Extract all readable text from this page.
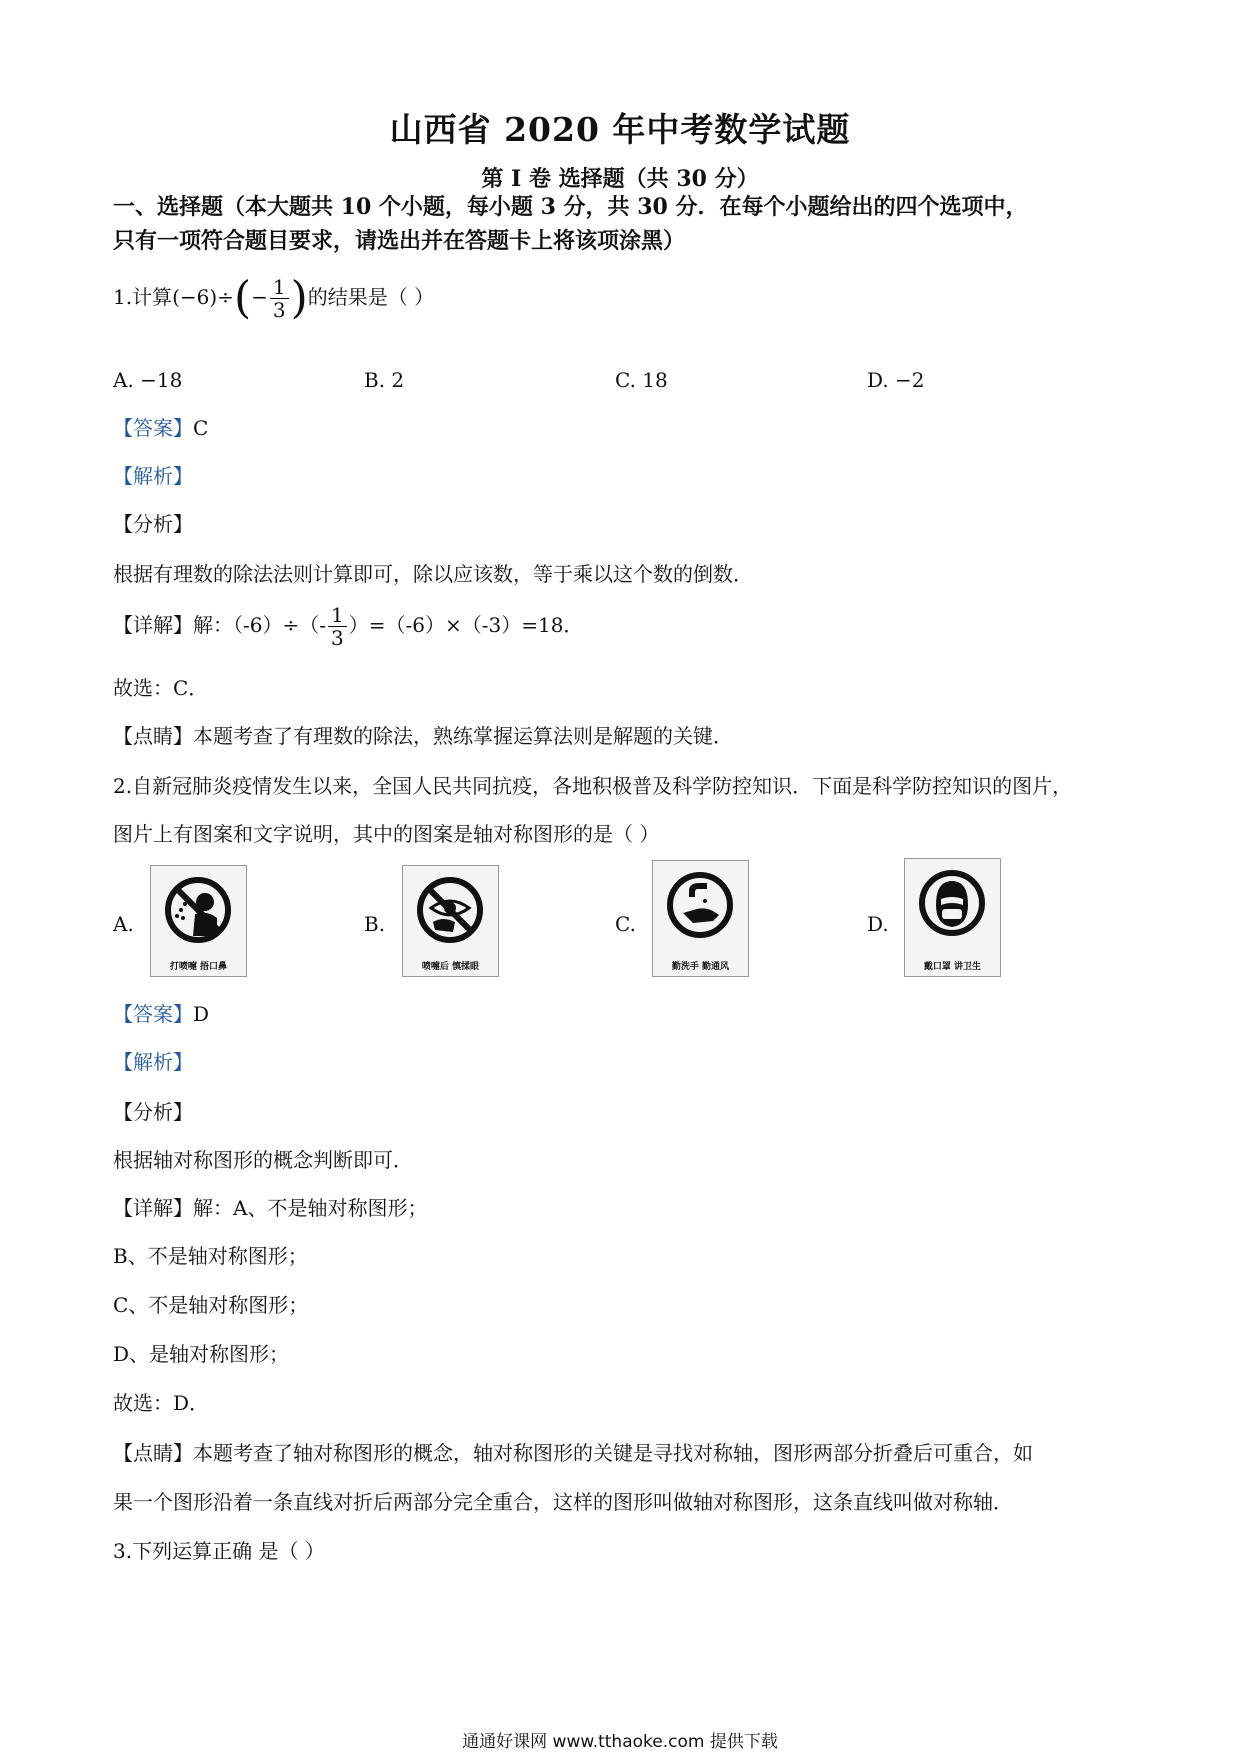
山西省 2020 年中考数学试题
第 I 卷 选择题（共 30 分）
一、选择题（本大题共 10 个小题，每小题 3 分，共 30 分．在每个小题给出的四个选项中，
只有一项符合题目要求，请选出并在答题卡上将该项涂黑）
1.计算$(-6)\div(- \frac{1}{3}$ )的结果是（ ）
A. −18	B. 2	C. 18	D. −2
【答案】C
【解析】
【分析】
根据有理数的除法法则计算即可，除以应该数，等于乘以这个数的倒数．
【详解】解：$(-6)\div(- \frac{1}{3} )=(-6)\times(-3)=18$．
故选：C．
【点睛】本题考查了有理数的除法，熟练掌握运算法则是解题的关键．
2.自新冠肺炎疫情发生以来，全国人民共同抗疫，各地积极普及科学防控知识．下面是科学防控知识的图片，
图片上有图案和文字说明，其中的图案是轴对称图形的是（ ）
A.
打喷嚏 捂口鼻
B.
喷嚏后 慎揉眼
C.
勤洗手 勤通风
D.
戴口罩 讲卫生
【答案】D
【解析】
【分析】
根据轴对称图形的概念判断即可．
【详解】解：A、不是轴对称图形；
B、不是轴对称图形；
C、不是轴对称图形；
D、是轴对称图形；
故选：D．
【点睛】本题考查了轴对称图形的概念，轴对称图形的关键是寻找对称轴，图形两部分折叠后可重合，如
果一个图形沿着一条直线对折后两部分完全重合，这样的图形叫做轴对称图形，这条直线叫做对称轴．
3.下列运算正确 是（ ）
通通好课网 www.tthaoke.com 提供下载
